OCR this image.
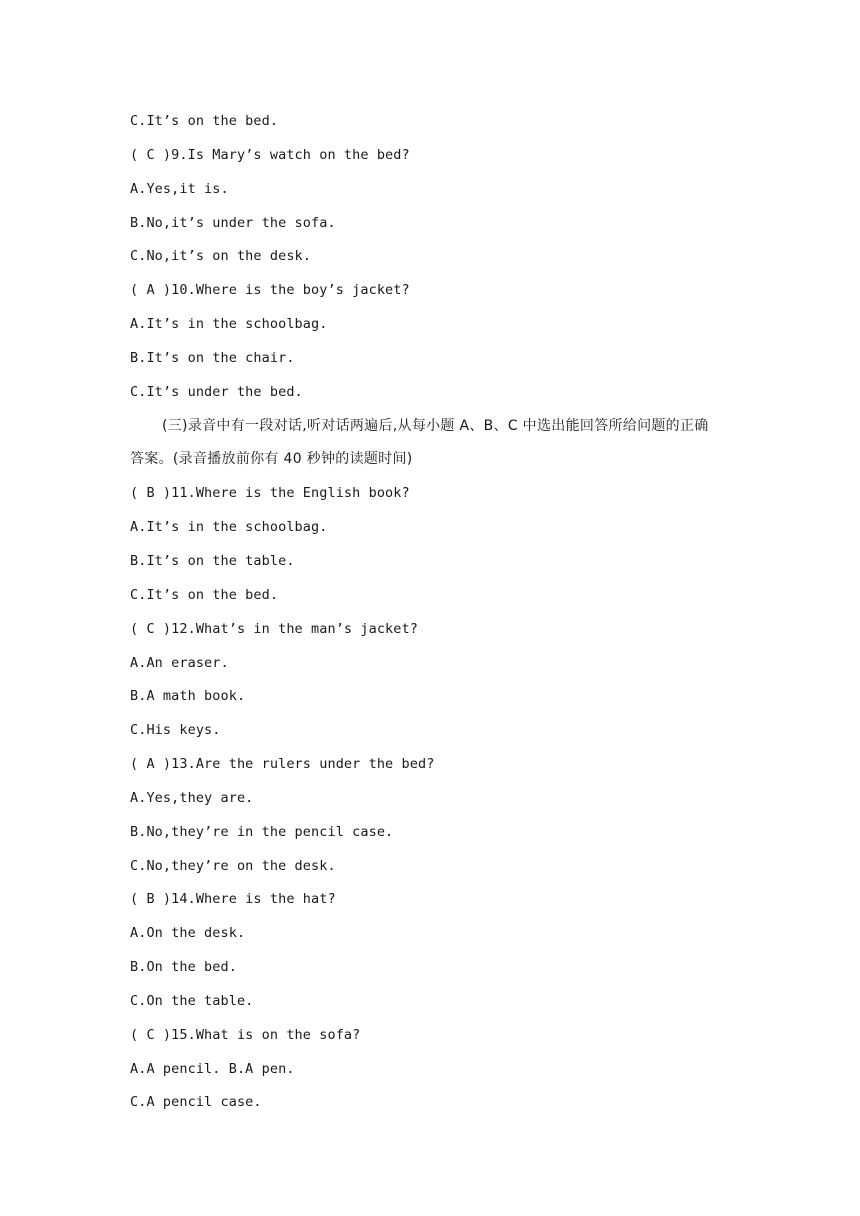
C.It’s on the bed.
( C )9.Is Mary’s watch on the bed?
A.Yes,it is.
B.No,it’s under the sofa.
C.No,it’s on the desk.
( A )10.Where is the boy’s jacket?
A.It’s in the schoolbag.
B.It’s on the chair.
C.It’s under the bed.
(三)录音中有一段对话,听对话两遍后,从每小题 A、B、C 中选出能回答所给问题的正确
答案。(录音播放前你有 40 秒钟的读题时间)
( B )11.Where is the English book?
A.It’s in the schoolbag.
B.It’s on the table.
C.It’s on the bed.
( C )12.What’s in the man’s jacket?
A.An eraser.
B.A math book.
C.His keys.
( A )13.Are the rulers under the bed?
A.Yes,they are.
B.No,they’re in the pencil case.
C.No,they’re on the desk.
( B )14.Where is the hat?
A.On the desk.
B.On the bed.
C.On the table.
( C )15.What is on the sofa?
A.A pencil. B.A pen.
C.A pencil case.
